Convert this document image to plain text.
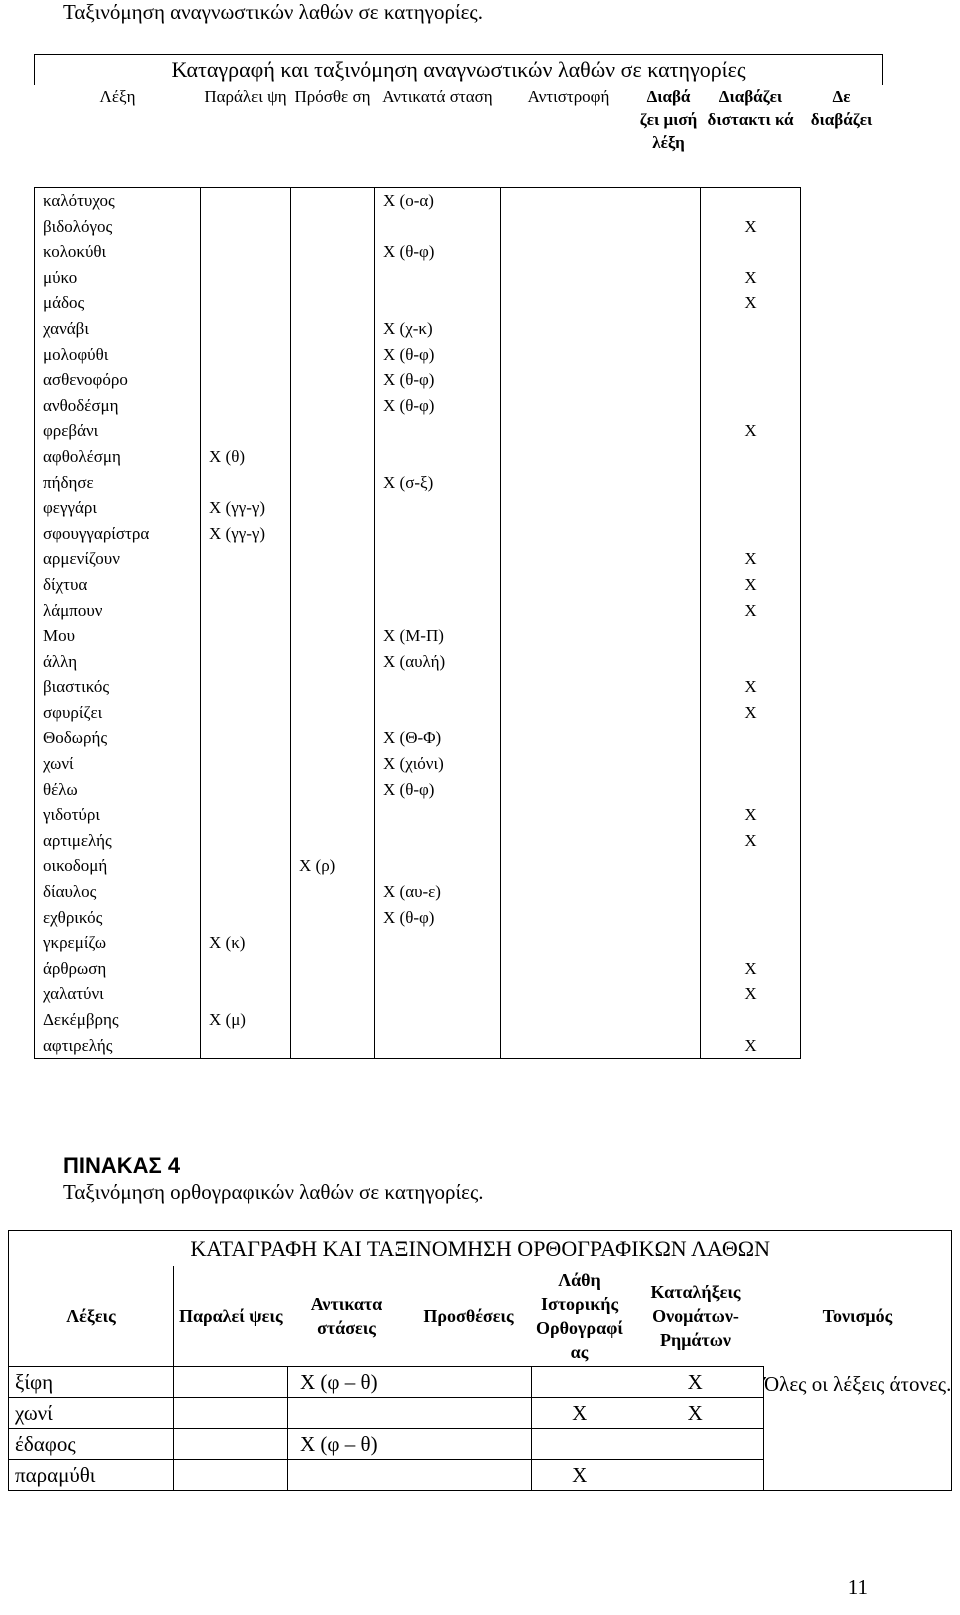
Ταξινόμηση αναγνωστικών λαθών σε κατηγορίες.
Καταγραφή και ταξινόμηση αναγνωστικών λαθών σε κατηγορίες							
Λέξη	Παράλει ψη	Πρόσθε ση	Αντικατά σταση	Αντιστροφή	Διαβά ζει μισή λέξη	Διαβάζει διστακτι κά	Δε διαβάζει
καλότυχος			Χ (ο-α)				
βιδολόγος						Χ	
κολοκύθι			Χ (θ-φ)				
μύκο						Χ	
μάδος						Χ	
χανάβι			Χ (χ-κ)				
μολοφύθι			Χ (θ-φ)				
ασθενοφόρο			Χ (θ-φ)				
ανθοδέσμη			Χ (θ-φ)				
φρεβάνι						Χ	
αφθολέσμη	Χ (θ)						
πήδησε			Χ (σ-ξ)				
φεγγάρι	Χ (γγ-γ)						
σφουγγαρίστρα	Χ (γγ-γ)						
αρμενίζουν						Χ	
δίχτυα						Χ	
λάμπουν						Χ	
Μου			Χ (Μ-Π)				
άλλη			Χ (αυλή)				
βιαστικός						Χ	
σφυρίζει						Χ	
Θοδωρής			Χ (Θ-Φ)				
χωνί			Χ (χιόνι)				
θέλω			Χ (θ-φ)				
γιδοτύρι						Χ	
αρτιμελής						Χ	
οικοδομή		Χ (ρ)					
δίαυλος			Χ (αυ-ε)				
εχθρικός			Χ (θ-φ)				
γκρεμίζω	Χ (κ)						
άρθρωση						Χ	
χαλατύνι						Χ	
Δεκέμβρης	Χ (μ)						
αφτιρελής						Χ	
ΠΙΝΑΚΑΣ 4
Ταξινόμηση ορθογραφικών λαθών σε κατηγορίες.
ΚΑΤΑΓΡΑΦΗ ΚΑΙ ΤΑΞΙΝΟΜΗΣΗ ΟΡΘΟΓΡΑΦΙΚΩΝ ΛΑΘΩΝ						
Λέξεις	Παραλεί ψεις	Αντικατα στάσεις	Προσθέσεις	Λάθη Ιστορικής Ορθογραφί ας	Καταλήξεις Ονομάτων- Ρημάτων	Τονισμός
ξίφη		Χ (φ – θ)			Χ	Όλες οι λέξεις άτονες.
χωνί				Χ	Χ	
έδαφος		Χ (φ – θ)				
παραμύθι				Χ		
11
